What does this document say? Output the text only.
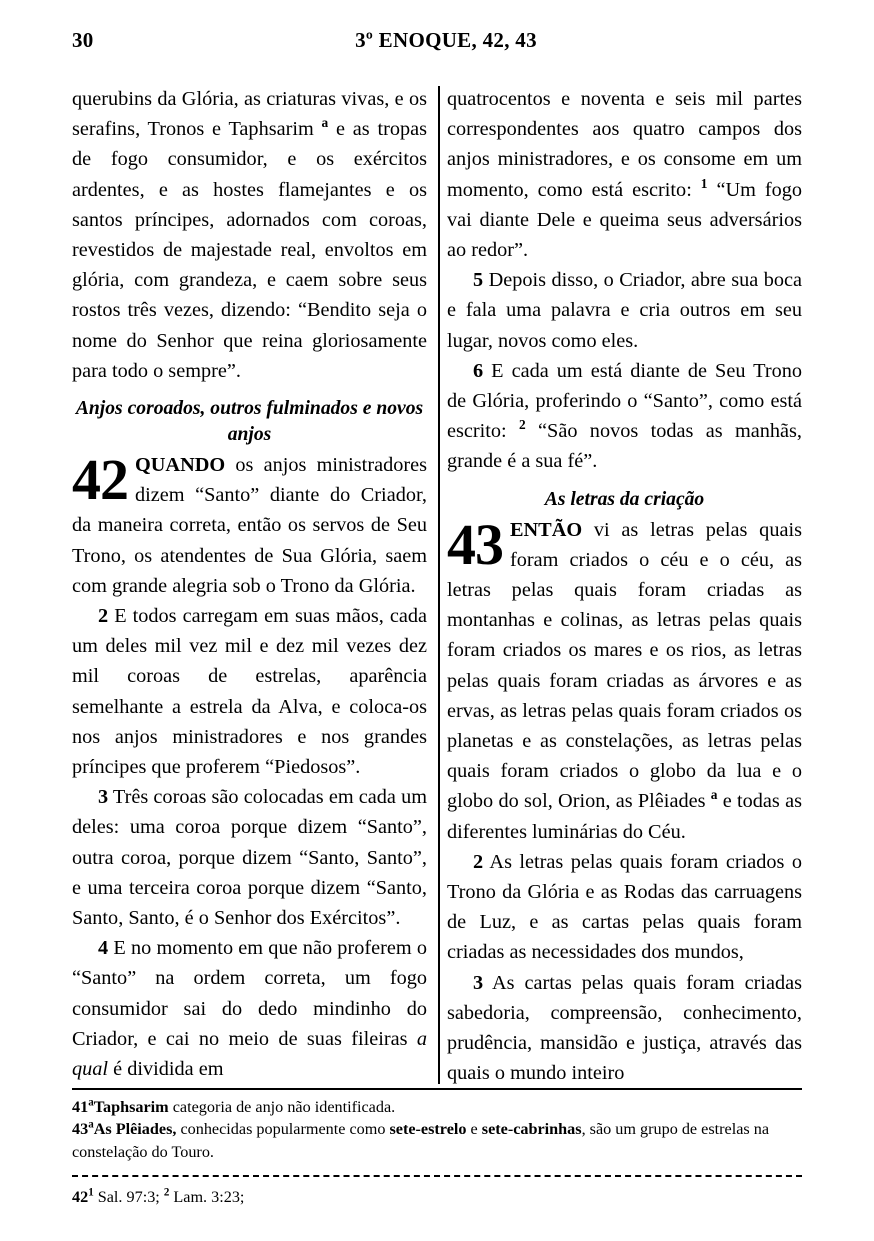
30	3º ENOQUE, 42, 43

querubins da Glória, as criaturas vivas, e os serafins, Tronos e Taphsarim $^a$ e as tropas de fogo consumidor, e os exércitos ardentes, e as hostes flamejantes e os santos príncipes, adornados com coroas, revestidos de majestade real, envoltos em glória, com grandeza, e caem sobre seus rostos três vezes, dizendo: “Bendito seja o nome do Senhor que reina gloriosamente para todo o sempre”.

Anjos coroados, outros fulminados e novos anjos

42 QUANDO os anjos ministradores dizem “Santo” diante do Criador, da maneira correta, então os servos de Seu Trono, os atendentes de Sua Glória, saem com grande alegria sob o Trono da Glória.

2 E todos carregam em suas mãos, cada um deles mil vez mil e dez mil vezes dez mil coroas de estrelas, aparência semelhante a estrela da Alva, e coloca-os nos anjos ministradores e nos grandes príncipes que proferem “Piedosos”.

3 Três coroas são colocadas em cada um deles: uma coroa porque dizem “Santo”, outra coroa, porque dizem “Santo, Santo”, e uma terceira coroa porque dizem “Santo, Santo, Santo, é o Senhor dos Exércitos”.

4 E no momento em que não proferem o “Santo” na ordem correta, um fogo consumidor sai do dedo mindinho do Criador, e cai no meio de suas fileiras a qual é dividida em

quatrocentos e noventa e seis mil partes correspondentes aos quatro campos dos anjos ministradores, e os consome em um momento, como está escrito: $^1$ “Um fogo vai diante Dele e queima seus adversários ao redor”.

5 Depois disso, o Criador, abre sua boca e fala uma palavra e cria outros em seu lugar, novos como eles.

6 E cada um está diante de Seu Trono de Glória, proferindo o “Santo”, como está escrito: $^2$ “São novos todas as manhãs, grande é a sua fé”.

As letras da criação

43 ENTÃO vi as letras pelas quais foram criados o céu e o céu, as letras pelas quais foram criadas as montanhas e colinas, as letras pelas quais foram criados os mares e os rios, as letras pelas quais foram criadas as árvores e as ervas, as letras pelas quais foram criados os planetas e as constelações, as letras pelas quais foram criados o globo da lua e o globo do sol, Orion, as Plêiades $^a$ e todas as diferentes luminárias do Céu.

2 As letras pelas quais foram criados o Trono da Glória e as Rodas das carruagens de Luz, e as cartas pelas quais foram criadas as necessidades dos mundos,

3 As cartas pelas quais foram criadas sabedoria, compreensão, conhecimento, prudência, mansidão e justiça, através das quais o mundo inteiro

41$^a$Taphsarim categoria de anjo não identificada.

43$^a$As Plêiades, conhecidas popularmente como sete-estrelo e sete-cabrinhas, são um grupo de estrelas na constelação do Touro.

42$^1$ Sal. 97:3; $^2$ Lam. 3:23;
